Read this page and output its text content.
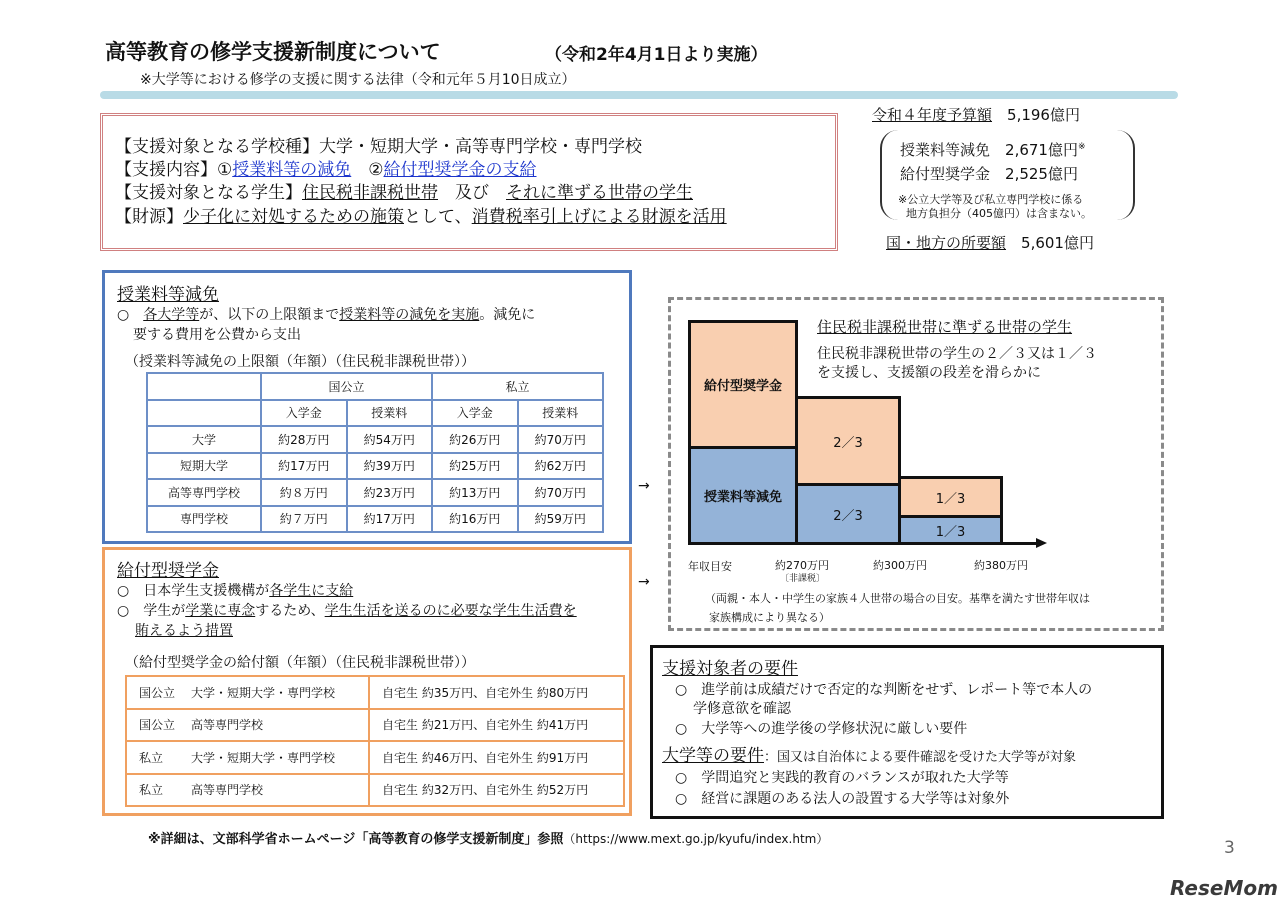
高等教育の修学支援新制度について	（令和2年4月1日より実施）
※大学等における修学の支援に関する法律（令和元年５月10日成立）
【支援対象となる学校種】大学・短期大学・高等専門学校・専門学校
【支援内容】①授業料等の減免　②給付型奨学金の支給
【支援対象となる学生】住民税非課税世帯　及び　それに準ずる世帯の学生
【財源】少子化に対処するための施策として、消費税率引上げによる財源を活用
令和４年度予算額　 5,196億円
授業料等減免　 2,671億円※
給付型奨学金　 2,525億円
※公立大学等及び私立専門学校に係る
地方負担分（405億円）は含まない。
国・地方の所要額　 5,601億円
授業料等減免
○　 各大学等が、以下の上限額まで授業料等の減免を実施。減免に
要する費用を公費から支出
（授業料等減免の上限額（年額）（住民税非課税世帯））
	国公立		私立	
	入学金	授業料	入学金	授業料
大学	約28万円	約54万円	約26万円	約70万円
短期大学	約17万円	約39万円	約25万円	約62万円
高等専門学校	約８万円	約23万円	約13万円	約70万円
専門学校	約７万円	約17万円	約16万円	約59万円
給付型奨学金
○　 日本学生支援機構が各学生に支給
○　 学生が学業に専念するため、学生生活を送るのに必要な学生生活費を
賄えるよう措置
（給付型奨学金の給付額（年額）（住民税非課税世帯））
国公立 大学・短期大学・専門学校	自宅生 約35万円、自宅外生 約80万円
国公立 高等専門学校	自宅生 約21万円、自宅外生 約41万円
私立 大学・短期大学・専門学校	自宅生 約46万円、自宅外生 約91万円
私立 高等専門学校	自宅生 約32万円、自宅外生 約52万円
→
→
給付型奨学金
授業料等減免
2／3
2／3
1／3
1／3
年収目安	約270万円
〔非課税〕
約300万円	約380万円
（両親・本人・中学生の家族４人世帯の場合の目安。基準を満たす世帯年収は
家族構成により異なる）
住民税非課税世帯に準ずる世帯の学生
住民税非課税世帯の学生の２／３又は１／３
を支援し、支援額の段差を滑らかに
支援対象者の要件
○　 進学前は成績だけで否定的な判断をせず、レポート等で本人の
学修意欲を確認
○　 大学等への進学後の学修状況に厳しい要件
大学等の要件：国又は自治体による要件確認を受けた大学等が対象
○　 学問追究と実践的教育のバランスが取れた大学等
○　 経営に課題のある法人の設置する大学等は対象外
※詳細は、文部科学省ホームページ「高等教育の修学支援新制度」参照（https://www.mext.go.jp/kyufu/index.htm）	3
ReseMom
